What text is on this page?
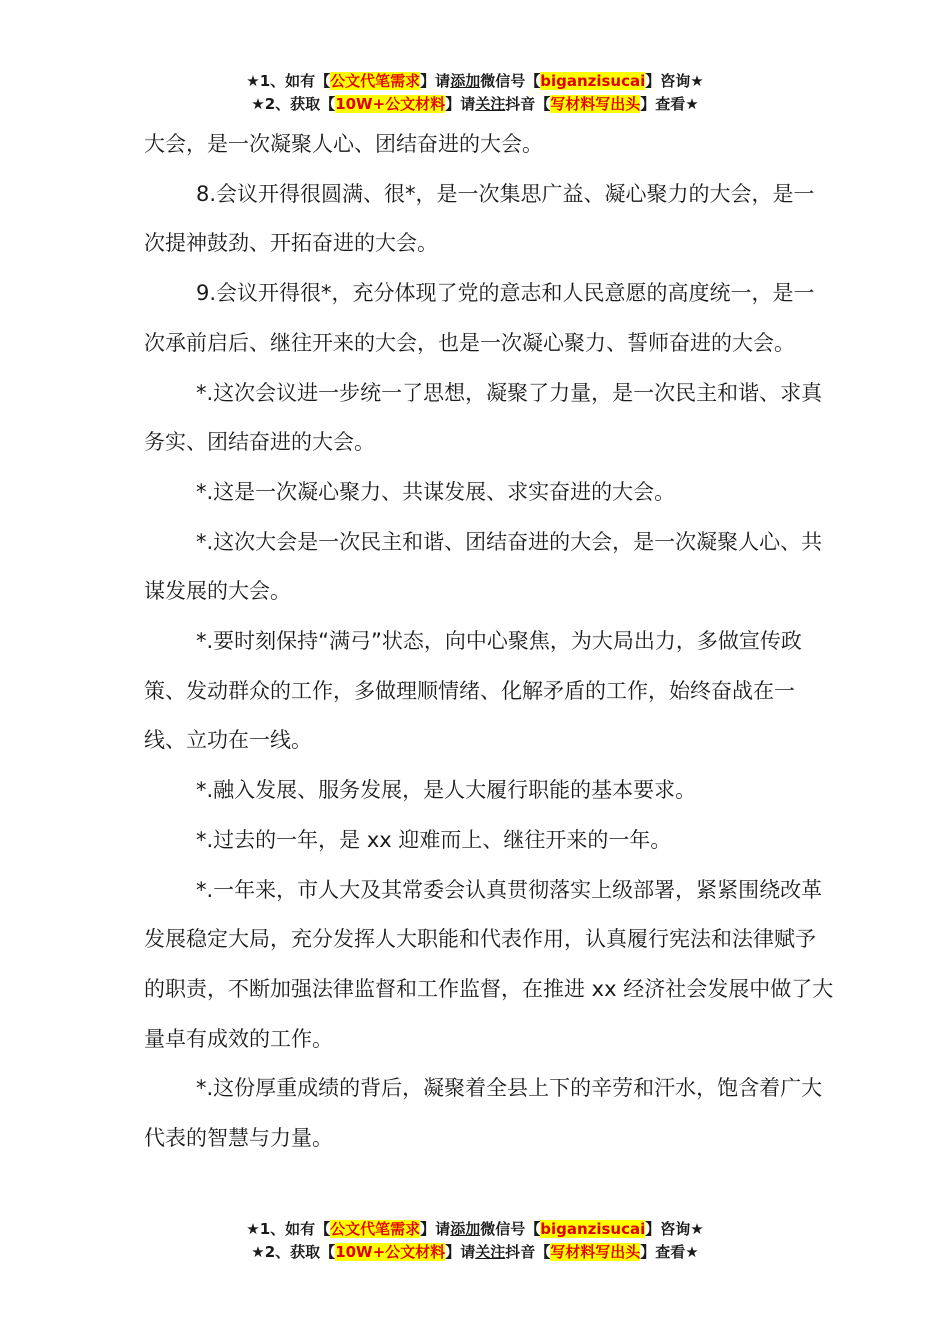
★1、如有【公文代笔需求】请添加微信号【biganzisucai】咨询★
★2、获取【10W+公文材料】请关注抖音【写材料写出头】查看★

大会，是一次凝聚人心、团结奋进的大会。

8.会议开得很圆满、很*，是一次集思广益、凝心聚力的大会，是一次提神鼓劲、开拓奋进的大会。

9.会议开得很*，充分体现了党的意志和人民意愿的高度统一，是一次承前启后、继往开来的大会，也是一次凝心聚力、誓师奋进的大会。

*.这次会议进一步统一了思想，凝聚了力量，是一次民主和谐、求真务实、团结奋进的大会。

*.这是一次凝心聚力、共谋发展、求实奋进的大会。

*.这次大会是一次民主和谐、团结奋进的大会，是一次凝聚人心、共谋发展的大会。

*.要时刻保持“满弓”状态，向中心聚焦，为大局出力，多做宣传政策、发动群众的工作，多做理顺情绪、化解矛盾的工作，始终奋战在一线、立功在一线。

*.融入发展、服务发展，是人大履行职能的基本要求。

*.过去的一年，是 xx 迎难而上、继往开来的一年。

*.一年来，市人大及其常委会认真贯彻落实上级部署，紧紧围绕改革发展稳定大局，充分发挥人大职能和代表作用，认真履行宪法和法律赋予的职责，不断加强法律监督和工作监督，在推进 xx 经济社会发展中做了大量卓有成效的工作。

*.这份厚重成绩的背后，凝聚着全县上下的辛劳和汗水，饱含着广大代表的智慧与力量。

★1、如有【公文代笔需求】请添加微信号【biganzisucai】咨询★
★2、获取【10W+公文材料】请关注抖音【写材料写出头】查看★
